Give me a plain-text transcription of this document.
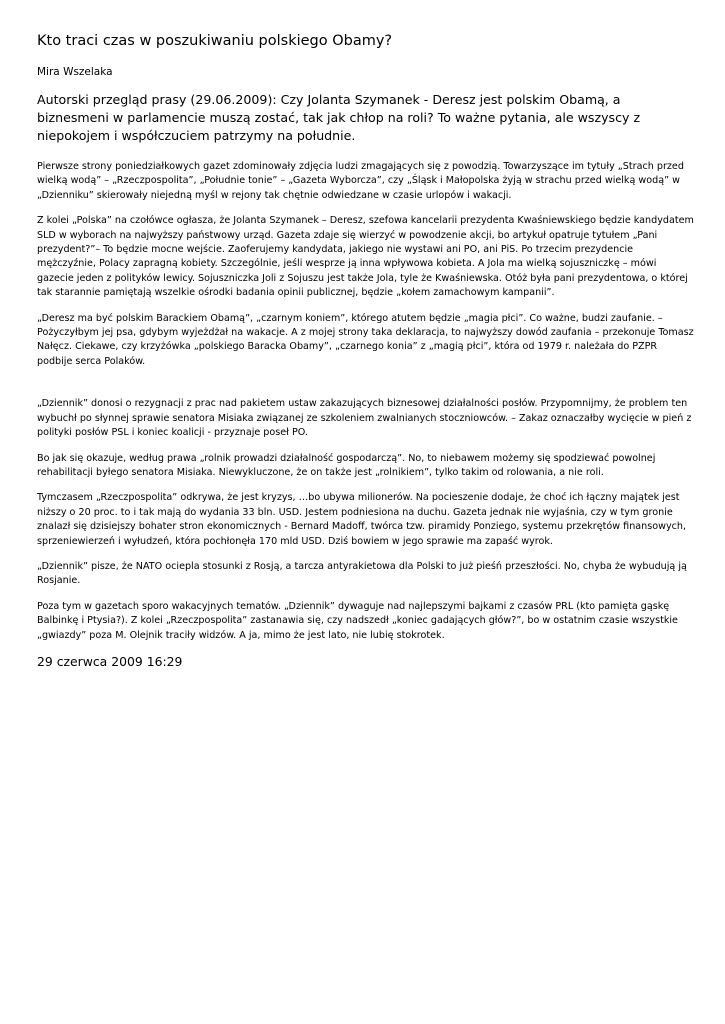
Kto traci czas w poszukiwaniu polskiego Obamy?
Mira Wszelaka
Autorski przegląd prasy (29.06.2009): Czy Jolanta Szymanek - Deresz jest polskim Obamą, a biznesmeni w parlamencie muszą zostać, tak jak chłop na roli? To ważne pytania, ale wszyscy z niepokojem i współczuciem patrzymy na południe.

Pierwsze strony poniedziałkowych gazet zdominowały zdjęcia ludzi zmagających się z powodzią. Towarzyszące im tytuły „Strach przed wielką wodą” – „Rzeczpospolita”, „Południe tonie” – „Gazeta Wyborcza”, czy „Śląsk i Małopolska żyją w strachu przed wielką wodą” w „Dzienniku” skierowały niejedną myśl w rejony tak chętnie odwiedzane w czasie urlopów i wakacji.

Z kolei „Polska” na czołówce ogłasza, że Jolanta Szymanek – Deresz, szefowa kancelarii prezydenta Kwaśniewskiego będzie kandydatem SLD w wyborach na najwyższy państwowy urząd. Gazeta zdaje się wierzyć w powodzenie akcji, bo artykuł opatruje tytułem „Pani prezydent?”– To będzie mocne wejście. Zaoferujemy kandydata, jakiego nie wystawi ani PO, ani PiS. Po trzecim prezydencie mężczyźnie, Polacy zapragną kobiety. Szczególnie, jeśli wesprze ją inna wpływowa kobieta. A Jola ma wielką sojuszniczkę – mówi gazecie jeden z polityków lewicy. Sojuszniczka Joli z Sojuszu jest także Jola, tyle że Kwaśniewska. Otóż była pani prezydentowa, o której tak starannie pamiętają wszelkie ośrodki badania opinii publicznej, będzie „kołem zamachowym kampanii”.

„Deresz ma być polskim Barackiem Obamą”, „czarnym koniem”, którego atutem będzie „magia płci”. Co ważne, budzi zaufanie. – Pożyczyłbym jej psa, gdybym wyjeżdżał na wakacje. A z mojej strony taka deklaracja, to najwyższy dowód zaufania – przekonuje Tomasz Nałęcz. Ciekawe, czy krzyżówka „polskiego Baracka Obamy”, „czarnego konia” z „magią płci”, która od 1979 r. należała do PZPR podbije serca Polaków.

„Dziennik” donosi o rezygnacji z prac nad pakietem ustaw zakazujących biznesowej działalności posłów. Przypomnijmy, że problem ten wybuchł po słynnej sprawie senatora Misiaka związanej ze szkoleniem zwalnianych stoczniowców. – Zakaz oznaczałby wycięcie w pień z polityki posłów PSL i koniec koalicji - przyznaje poseł PO.

Bo jak się okazuje, według prawa „rolnik prowadzi działalność gospodarczą”. No, to niebawem możemy się spodziewać powolnej rehabilitacji byłego senatora Misiaka. Niewykluczone, że on także jest „rolnikiem”, tylko takim od rolowania, a nie roli.

Tymczasem „Rzeczpospolita” odkrywa, że jest kryzys, …bo ubywa milionerów. Na pocieszenie dodaje, że choć ich łączny majątek jest niższy o 20 proc. to i tak mają do wydania 33 bln. USD. Jestem podniesiona na duchu. Gazeta jednak nie wyjaśnia, czy w tym gronie znalazł się dzisiejszy bohater stron ekonomicznych - Bernard Madoff, twórca tzw. piramidy Ponziego, systemu przekrętów finansowych, sprzeniewierzeń i wyłudzeń, która pochłonęła 170 mld USD. Dziś bowiem w jego sprawie ma zapaść wyrok.

„Dziennik” pisze, że NATO ocieplа stosunki z Rosją, a tarcza antyrakietowa dla Polski to już pieśń przeszłości. No, chyba że wybudują ją Rosjanie.

Poza tym w gazetach sporo wakacyjnych tematów. „Dziennik” dywaguje nad najlepszymi bajkami z czasów PRL (kto pamięta gąskę Balbinkę i Ptysia?). Z kolei „Rzeczpospolita” zastanawia się, czy nadszedł „koniec gadających głów?”, bo w ostatnim czasie wszystkie „gwiazdy” poza M. Olejnik traciły widzów. A ja, mimo że jest lato, nie lubię stokrotek.

29 czerwca 2009 16:29
